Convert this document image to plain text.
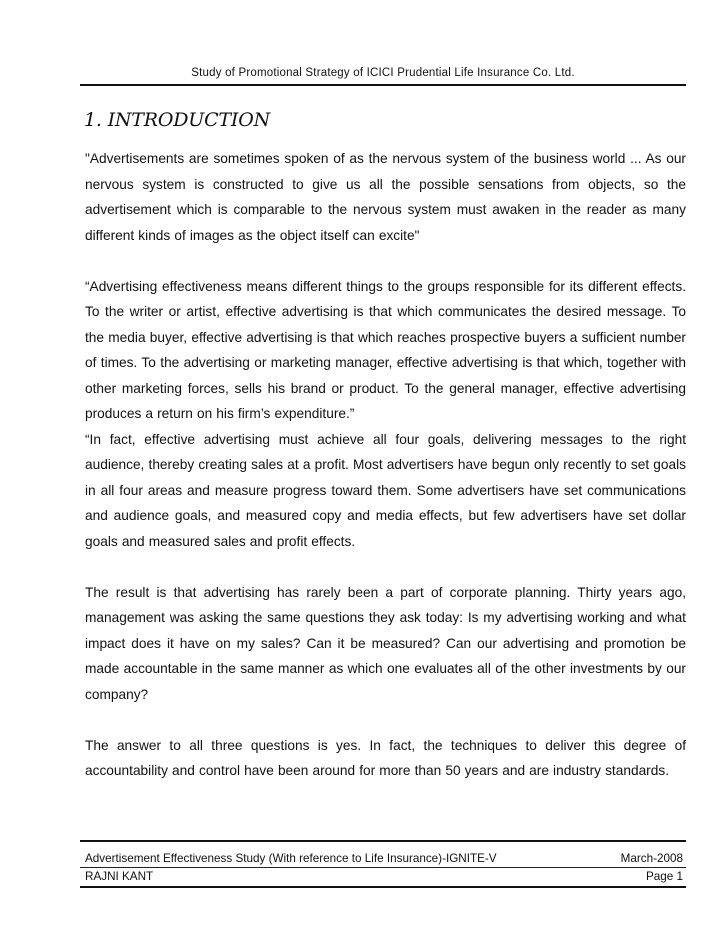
Study of Promotional Strategy of ICICI Prudential Life Insurance Co. Ltd.
1. INTRODUCTION

"Advertisements are sometimes spoken of as the nervous system of the business world ... As our nervous system is constructed to give us all the possible sensations from objects, so the advertisement which is comparable to the nervous system must awaken in the reader as many different kinds of images as the object itself can excite"

“Advertising effectiveness means different things to the groups responsible for its different effects. To the writer or artist, effective advertising is that which communicates the desired message. To the media buyer, effective advertising is that which reaches prospective buyers a sufficient number of times. To the advertising or marketing manager, effective advertising is that which, together with other marketing forces, sells his brand or product. To the general manager, effective advertising produces a return on his firm’s expenditure.”

“In fact, effective advertising must achieve all four goals, delivering messages to the right audience, thereby creating sales at a profit. Most advertisers have begun only recently to set goals in all four areas and measure progress toward them. Some advertisers have set communications and audience goals, and measured copy and media effects, but few advertisers have set dollar goals and measured sales and profit effects.

The result is that advertising has rarely been a part of corporate planning. Thirty years ago, management was asking the same questions they ask today: Is my advertising working and what impact does it have on my sales? Can it be measured? Can our advertising and promotion be made accountable in the same manner as which one evaluates all of the other investments by our company?

The answer to all three questions is yes. In fact, the techniques to deliver this degree of accountability and control have been around for more than 50 years and are industry standards.

Advertisement Effectiveness Study (With reference to Life Insurance)-IGNITE-V	March-2008
RAJNI KANT	Page 1
